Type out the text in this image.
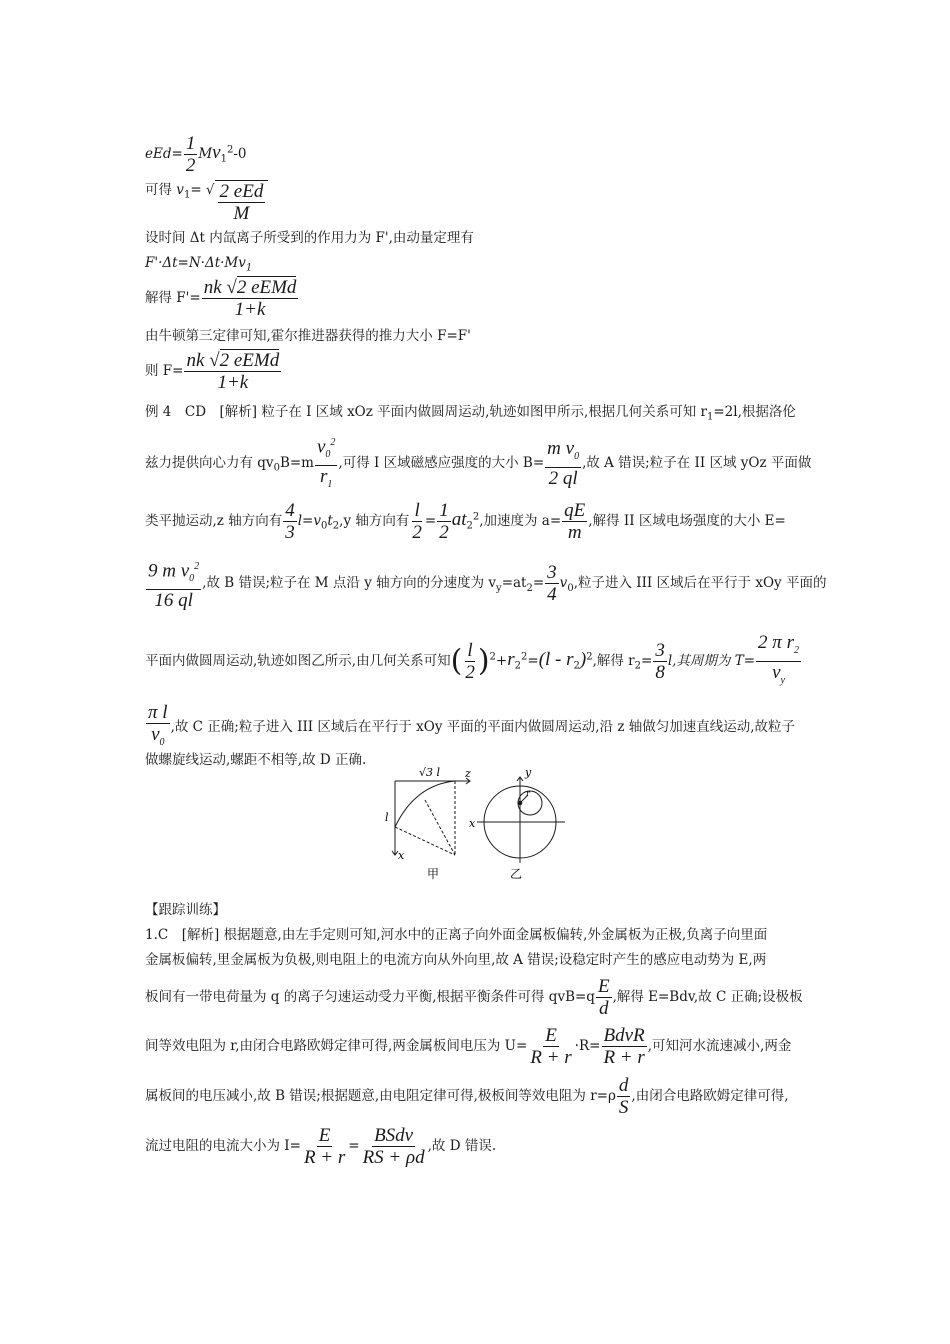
$eEd= \frac{1}{2} Mv_1^2-0$
可得 $v_1=$ √ $\frac{\text{2 eEd}}{M}$
设时间 Δt 内氙离子所受到的作用力为 F',由动量定理有
$F'\cdot\Delta t=N\cdot\Delta t\cdot Mv_1$
解得 $F'= \frac{\text{nk √2 eEMd}}{1+k}$
由牛顿第三定律可知,霍尔推进器获得的推力大小 F=F'
则 $F= \frac{\text{nk √2 eEMd}}{1+k}$
例 4　CD　[解析] 粒子在 I 区域 xOz 平面内做圆周运动,轨迹如图甲所示,根据几何关系可知 $r_1=2l$,根据洛伦
兹力提供向心力有 $qv_0B=m \frac{v_0^2}{r_1}$ ,可得 I 区域磁感应强度的大小 $B= \frac{m v_0}{2 ql}$ ,故 A 错误;粒子在 II 区域 yOz 平面做
类平抛运动,z 轴方向有 $\frac{4}{3} l=v_0t_2,y$ 轴方向有 $\frac{l}{2} = \frac{1}{2} at_2^2$,加速度为 $a= \frac{qE}{m}$ ,解得 II 区域电场强度的大小 E=
$\frac{9 m v_0^2}{16 ql}$ ,故 B 错误;粒子在 M 点沿 y 轴方向的分速度为 $v_y=at_2= \frac{3}{4} v_0$,粒子进入 III 区域后在平行于 xOy 平面的
平面内做圆周运动,轨迹如图乙所示,由几何关系可知( $\frac{l}{2} )^2+r_2^2=(l - r_2)^2$,解得 $r_2= \frac{3}{8} l$,其周期为 $T= \frac{2 \pi r_2}{v_y}$
$\frac{\text{π l}}{v_0}$ ,故 C 正确;粒子进入 III 区域后在平行于 xOy 平面的平面内做圆周运动,沿 z 轴做匀加速直线运动,故粒子
做螺旋线运动,螺距不相等,故 D 正确.
l
√3 l z
x
y
r
x
甲	乙
【跟踪训练】
1.C　[解析] 根据题意,由左手定则可知,河水中的正离子向外面金属板偏转,外金属板为正极,负离子向里面
金属板偏转,里金属板为负极,则电阻上的电流方向从外向里,故 A 错误;设稳定时产生的感应电动势为 E,两
板间有一带电荷量为 q 的离子匀速运动受力平衡,根据平衡条件可得 $qvB=q \frac{E}{d}$ ,解得 E=Bdv,故 C 正确;设极板
间等效电阻为 r,由闭合电路欧姆定律可得,两金属板间电压为 $U= \frac{E}{R + r} \cdot R= \frac{\text{BdvR}}{R + r}$ ,可知河水流速减小,两金
属板间的电压减小,故 B 错误;根据题意,由电阻定律可得,极板间等效电阻为 $r=\rho \frac{d}{S}$ ,由闭合电路欧姆定律可得,
流过电阻的电流大小为 $I= \frac{E}{R + r} = \frac{\text{BSdv}}{RS + \rho d}$ ,故 D 错误.
